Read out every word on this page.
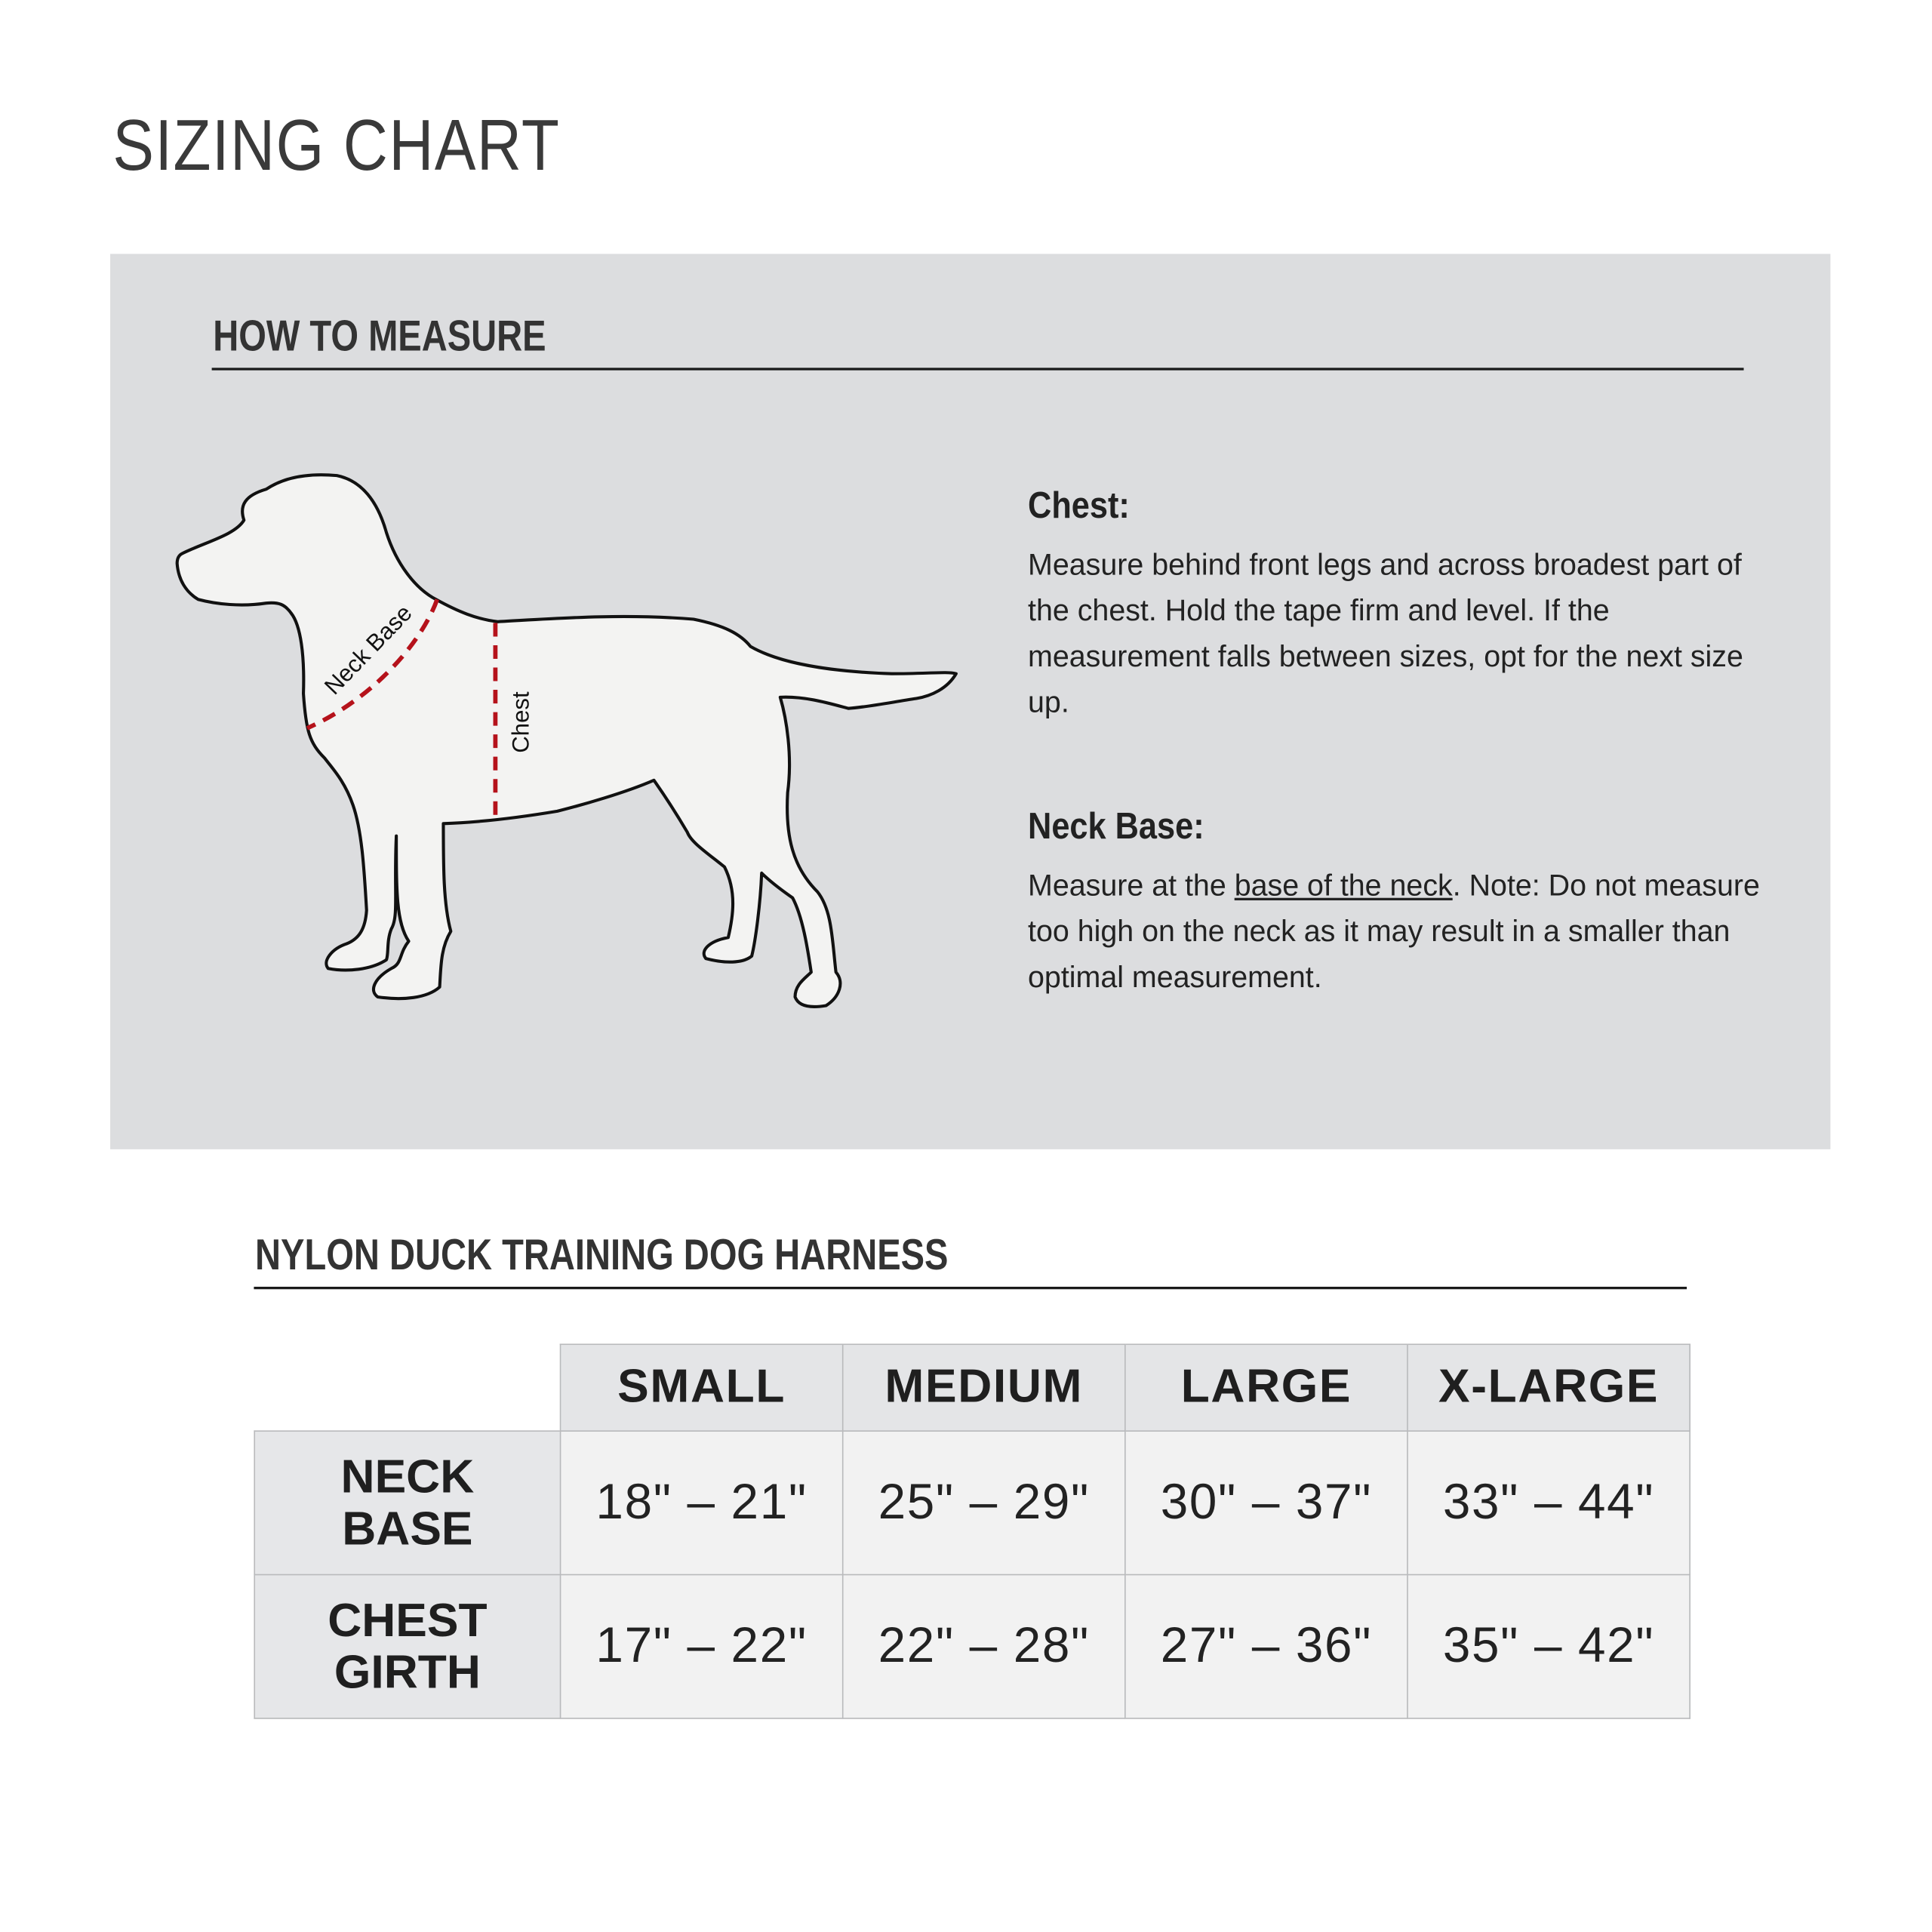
SIZING CHART
HOW TO MEASURE
Neck Base
Chest
Chest:
Measure behind front legs and across broadest part of the chest. Hold the tape firm and level. If the measurement falls between sizes, opt for the next size up.
Neck Base:
Measure at the base of the neck. Note: Do not measure too high on the neck as it may result in a smaller than optimal measurement.
NYLON DUCK TRAINING DOG HARNESS
	SMALL	MEDIUM	LARGE	X-LARGE

NECK
BASE	18" – 21"	25" – 29"	30" – 37"	33" – 44"

CHEST
GIRTH	17" – 22"	22" – 28"	27" – 36"	35" – 42"
